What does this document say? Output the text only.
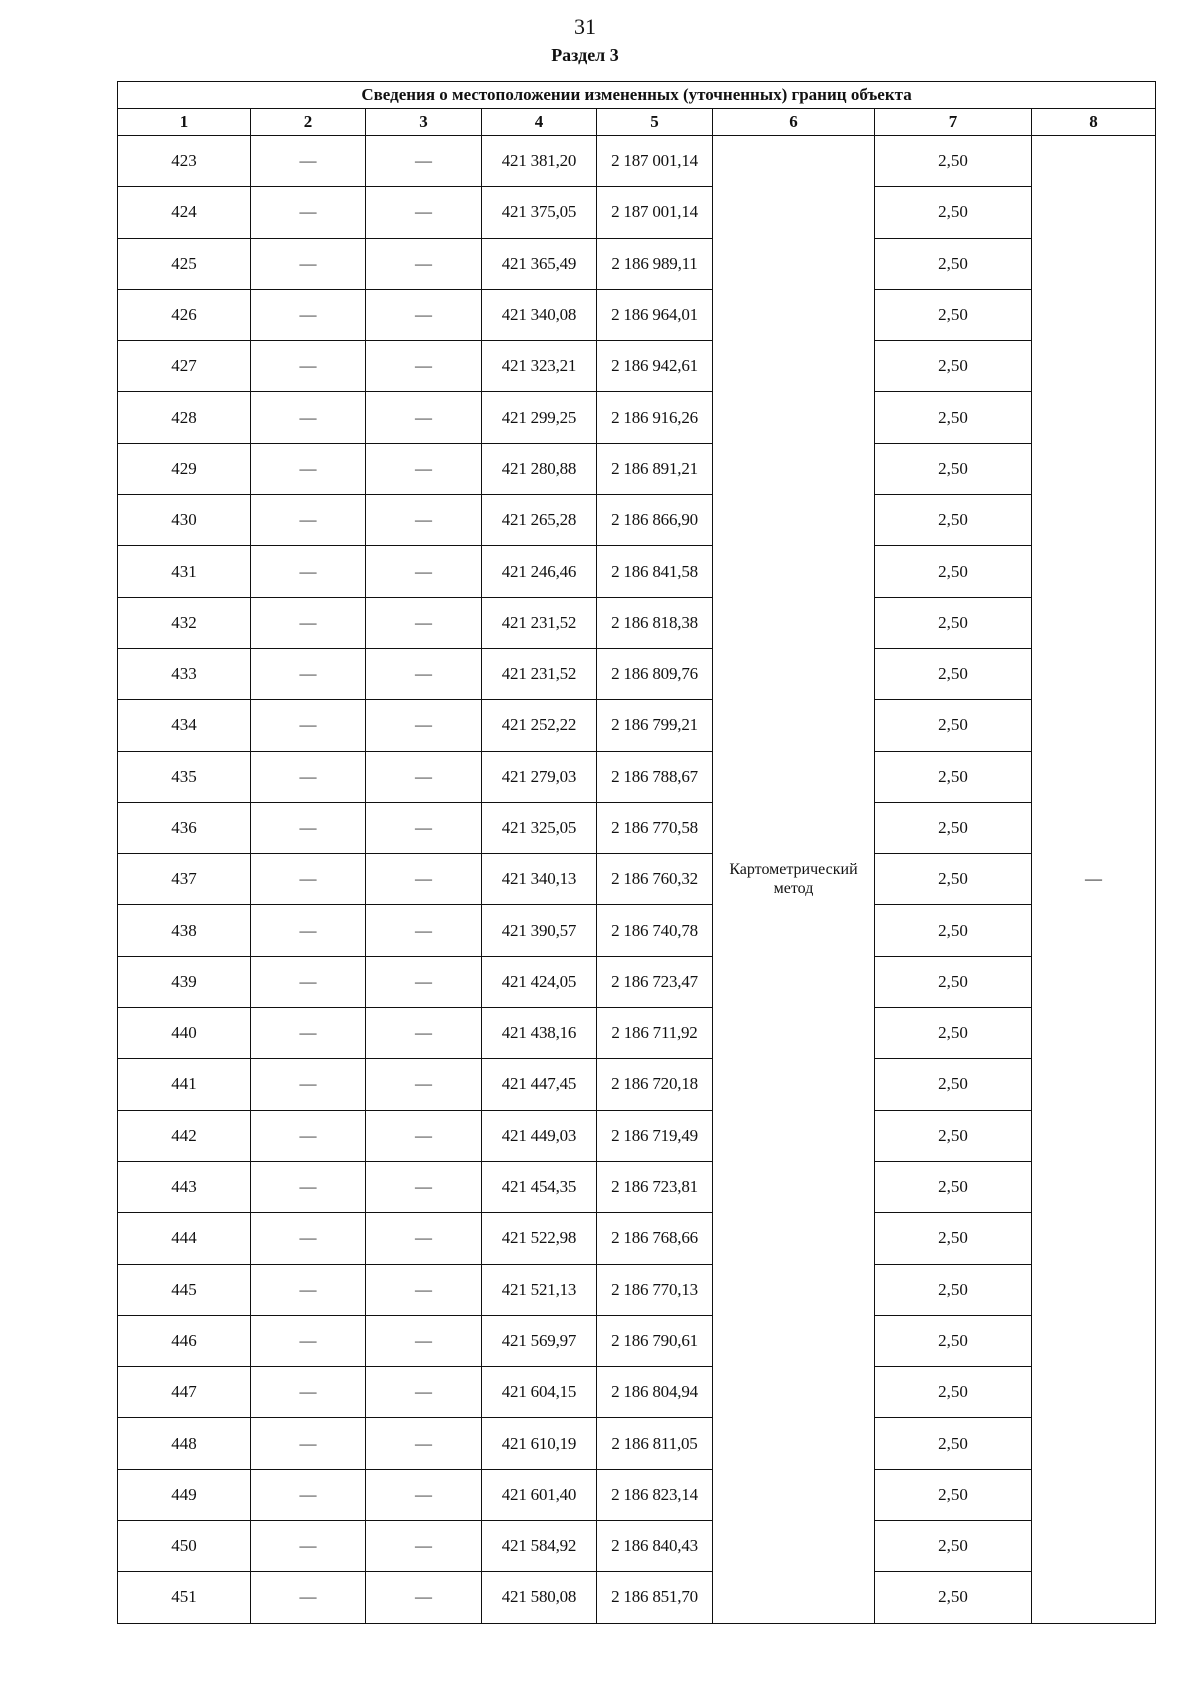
31
Раздел 3
Сведения о местоположении измененных (уточненных) границ объекта							
1	2	3	4	5	6	7	8
423	—	—	421 381,20	2 187 001,14	Картометрический метод	2,50	—
424	—	—	421 375,05	2 187 001,14		2,50	
425	—	—	421 365,49	2 186 989,11		2,50	
426	—	—	421 340,08	2 186 964,01		2,50	
427	—	—	421 323,21	2 186 942,61		2,50	
428	—	—	421 299,25	2 186 916,26		2,50	
429	—	—	421 280,88	2 186 891,21		2,50	
430	—	—	421 265,28	2 186 866,90		2,50	
431	—	—	421 246,46	2 186 841,58		2,50	
432	—	—	421 231,52	2 186 818,38		2,50	
433	—	—	421 231,52	2 186 809,76		2,50	
434	—	—	421 252,22	2 186 799,21		2,50	
435	—	—	421 279,03	2 186 788,67		2,50	
436	—	—	421 325,05	2 186 770,58		2,50	
437	—	—	421 340,13	2 186 760,32		2,50	
438	—	—	421 390,57	2 186 740,78		2,50	
439	—	—	421 424,05	2 186 723,47		2,50	
440	—	—	421 438,16	2 186 711,92		2,50	
441	—	—	421 447,45	2 186 720,18		2,50	
442	—	—	421 449,03	2 186 719,49		2,50	
443	—	—	421 454,35	2 186 723,81		2,50	
444	—	—	421 522,98	2 186 768,66		2,50	
445	—	—	421 521,13	2 186 770,13		2,50	
446	—	—	421 569,97	2 186 790,61		2,50	
447	—	—	421 604,15	2 186 804,94		2,50	
448	—	—	421 610,19	2 186 811,05		2,50	
449	—	—	421 601,40	2 186 823,14		2,50	
450	—	—	421 584,92	2 186 840,43		2,50	
451	—	—	421 580,08	2 186 851,70		2,50	
